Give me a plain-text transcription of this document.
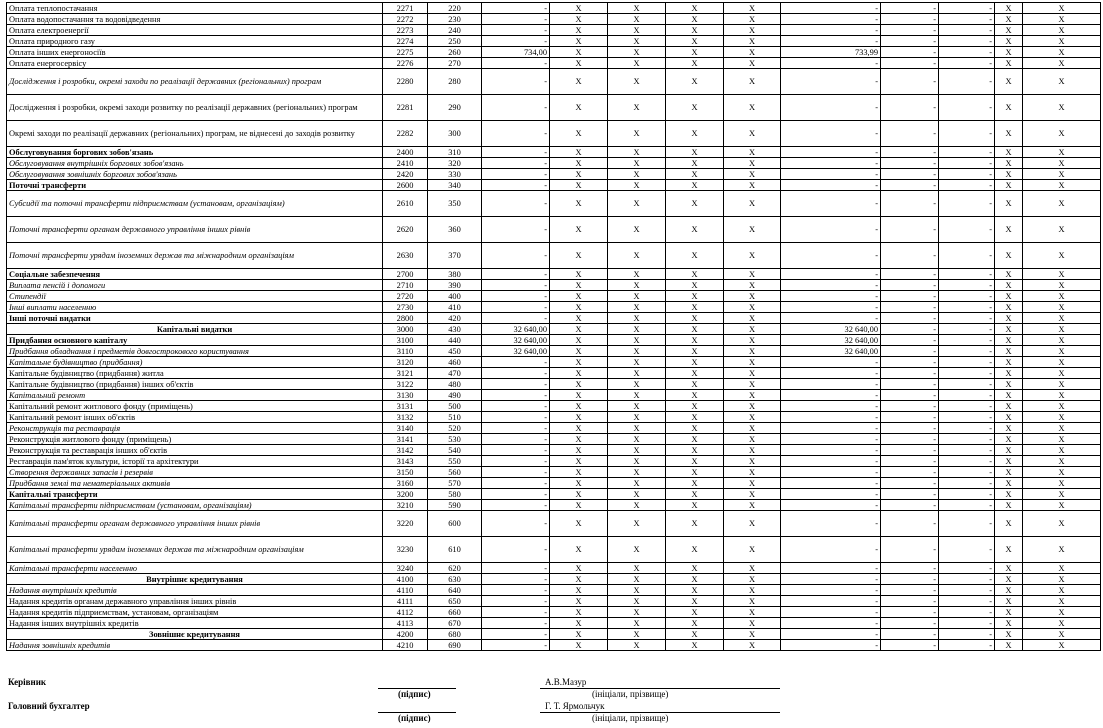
Оплата теплопостачання	2271	220	-	X	X	X	X	-	-	-	X	X
Оплата водопостачання та водовідведення	2272	230	-	X	X	X	X	-	-	-	X	X
Оплата електроенергії	2273	240	-	X	X	X	X	-	-	-	X	X
Оплата природного газу	2274	250	-	X	X	X	X	-	-	-	X	X
Оплата інших енергоносіїв	2275	260	734,00	X	X	X	X	733,99	-	-	X	X
Оплата енергосервісу	2276	270	-	X	X	X	X	-	-	-	X	X
Дослідження і розробки, окремі заходи по реалізації державних (регіональних) програм	2280	280	-	X	X	X	X	-	-	-	X	X
Дослідження і розробки, окремі заходи розвитку по реалізації державних (регіональних) програм	2281	290	-	X	X	X	X	-	-	-	X	X
Окремі заходи по реалізації державних (регіональних) програм, не віднесені до заходів розвитку	2282	300	-	X	X	X	X	-	-	-	X	X
Обслуговування боргових зобов'язань	2400	310	-	X	X	X	X	-	-	-	X	X
Обслуговування внутрішніх боргових зобов'язань	2410	320	-	X	X	X	X	-	-	-	X	X
Обслуговування зовнішніх боргових зобов'язань	2420	330	-	X	X	X	X	-	-	-	X	X
Поточні трансферти	2600	340	-	X	X	X	X	-	-	-	X	X
Субсидії та поточні трансферти підприємствам (установам, організаціям)	2610	350	-	X	X	X	X	-	-	-	X	X
Поточні трансферти органам державного управління інших рівнів	2620	360	-	X	X	X	X	-	-	-	X	X
Поточні трансферти урядам іноземних держав та міжнародним організаціям	2630	370	-	X	X	X	X	-	-	-	X	X
Соціальне забезпечення	2700	380	-	X	X	X	X	-	-	-	X	X
Виплата пенсій і допомоги	2710	390	-	X	X	X	X	-	-	-	X	X
Стипендії	2720	400	-	X	X	X	X	-	-	-	X	X
Інші виплати населенню	2730	410	-	X	X	X	X	-	-	-	X	X
Інші поточні видатки	2800	420	-	X	X	X	X	-	-	-	X	X
Капітальні видатки	3000	430	32 640,00	X	X	X	X	32 640,00	-	-	X	X
Придбання основного капіталу	3100	440	32 640,00	X	X	X	X	32 640,00	-	-	X	X
Придбання обладнання і предметів довгострокового користування	3110	450	32 640,00	X	X	X	X	32 640,00	-	-	X	X
Капітальне будівництво (придбання)	3120	460	-	X	X	X	X	-	-	-	X	X
Капітальне будівництво (придбання) житла	3121	470	-	X	X	X	X	-	-	-	X	X
Капітальне будівництво (придбання) інших об'єктів	3122	480	-	X	X	X	X	-	-	-	X	X
Капітальний ремонт	3130	490	-	X	X	X	X	-	-	-	X	X
Капітальний ремонт житлового фонду (приміщень)	3131	500	-	X	X	X	X	-	-	-	X	X
Капітальний ремонт інших об'єктів	3132	510	-	X	X	X	X	-	-	-	X	X
Реконструкція та реставрація	3140	520	-	X	X	X	X	-	-	-	X	X
Реконструкція житлового фонду (приміщень)	3141	530	-	X	X	X	X	-	-	-	X	X
Реконструкція та реставрація інших об'єктів	3142	540	-	X	X	X	X	-	-	-	X	X
Реставрація пам'яток культури, історії та архітектури	3143	550	-	X	X	X	X	-	-	-	X	X
Створення державних запасів і резервів	3150	560	-	X	X	X	X	-	-	-	X	X
Придбання землі та нематеріальних активів	3160	570	-	X	X	X	X	-	-	-	X	X
Капітальні трансферти	3200	580	-	X	X	X	X	-	-	-	X	X
Капітальні трансферти підприємствам (установам, організаціям)	3210	590	-	X	X	X	X	-	-	-	X	X
Капітальні трансферти органам державного управління інших рівнів	3220	600	-	X	X	X	X	-	-	-	X	X
Капітальні трансферти урядам іноземних держав та міжнародним організаціям	3230	610	-	X	X	X	X	-	-	-	X	X
Капітальні трансферти населенню	3240	620	-	X	X	X	X	-	-	-	X	X
Внутрішнє кредитування	4100	630	-	X	X	X	X	-	-	-	X	X
Надання внутрішніх кредитів	4110	640	-	X	X	X	X	-	-	-	X	X
Надання кредитів органам державного управління інших рівнів	4111	650	-	X	X	X	X	-	-	-	X	X
Надання кредитів підприємствам, установам, організаціям	4112	660	-	X	X	X	X	-	-	-	X	X
Надання інших внутрішніх кредитів	4113	670	-	X	X	X	X	-	-	-	X	X
Зовнішнє кредитування	4200	680	-	X	X	X	X	-	-	-	X	X
Надання зовнішніх кредитів	4210	690	-	X	X	X	X	-	-	-	X	X
Керівник	А.В.Мазур
(підпис)	(ініціали, прізвище)
Головний бухгалтер	Г. Т. Ярмольчук
(підпис)	(ініціали, прізвище)
